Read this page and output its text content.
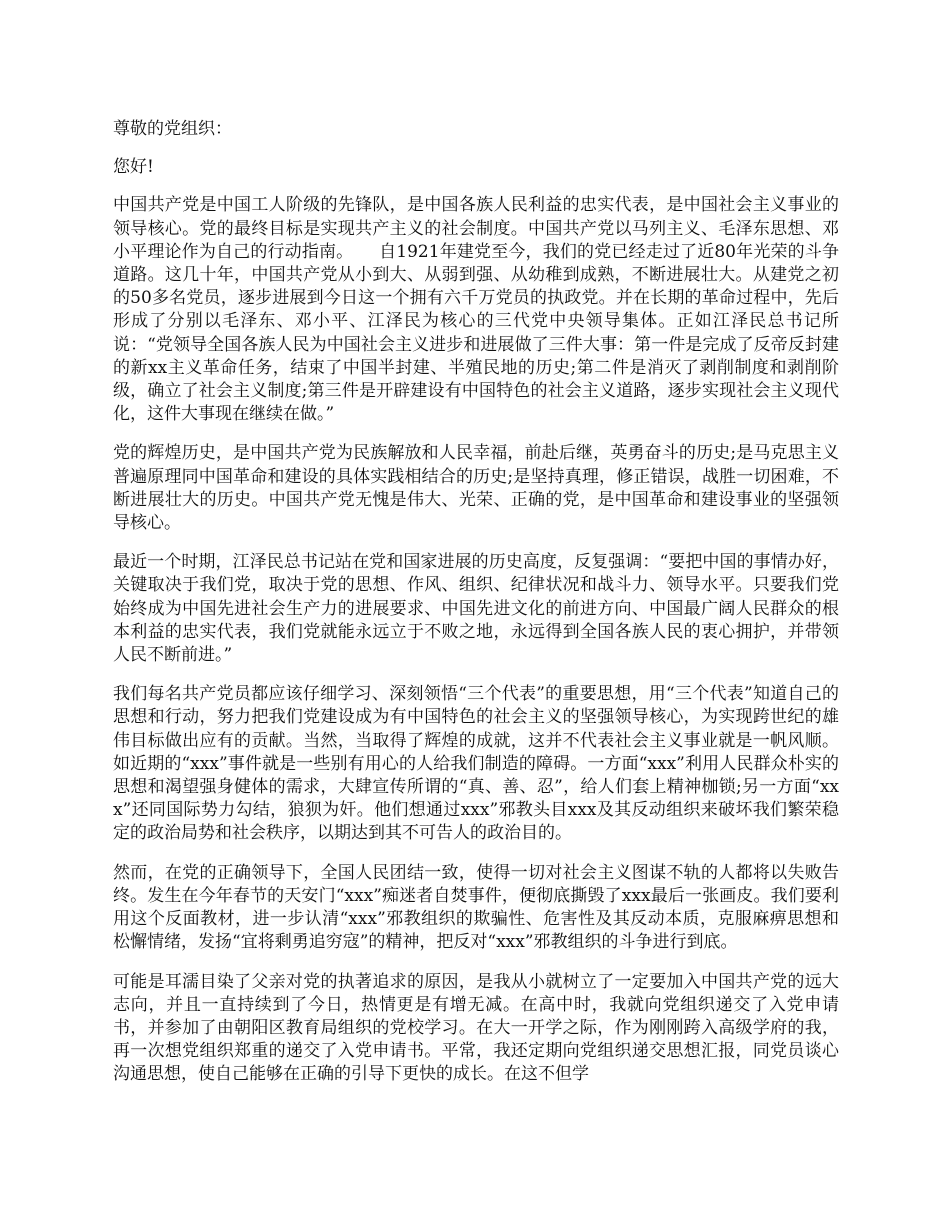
尊敬的党组织：

您好!

中国共产党是中国工人阶级的先锋队，是中国各族人民利益的忠实代表，是中国社会主义事业的领导核心。党的最终目标是实现共产主义的社会制度。中国共产党以马列主义、毛泽东思想、邓小平理论作为自己的行动指南。　　自1921年建党至今，我们的党已经走过了近80年光荣的斗争道路。这几十年，中国共产党从小到大、从弱到强、从幼稚到成熟，不断进展壮大。从建党之初的50多名党员，逐步进展到今日这一个拥有六千万党员的执政党。并在长期的革命过程中，先后形成了分别以毛泽东、邓小平、江泽民为核心的三代党中央领导集体。正如江泽民总书记所说：“党领导全国各族人民为中国社会主义进步和进展做了三件大事：第一件是完成了反帝反封建的新xx主义革命任务，结束了中国半封建、半殖民地的历史;第二件是消灭了剥削制度和剥削阶级，确立了社会主义制度;第三件是开辟建设有中国特色的社会主义道路，逐步实现社会主义现代化，这件大事现在继续在做。”

党的辉煌历史，是中国共产党为民族解放和人民幸福，前赴后继，英勇奋斗的历史;是马克思主义普遍原理同中国革命和建设的具体实践相结合的历史;是坚持真理，修正错误，战胜一切困难，不断进展壮大的历史。中国共产党无愧是伟大、光荣、正确的党，是中国革命和建设事业的坚强领导核心。

最近一个时期，江泽民总书记站在党和国家进展的历史高度，反复强调：“要把中国的事情办好，关键取决于我们党，取决于党的思想、作风、组织、纪律状况和战斗力、领导水平。只要我们党始终成为中国先进社会生产力的进展要求、中国先进文化的前进方向、中国最广阔人民群众的根本利益的忠实代表，我们党就能永远立于不败之地，永远得到全国各族人民的衷心拥护，并带领人民不断前进。”

我们每名共产党员都应该仔细学习、深刻领悟“三个代表”的重要思想，用“三个代表”知道自己的思想和行动，努力把我们党建设成为有中国特色的社会主义的坚强领导核心，为实现跨世纪的雄伟目标做出应有的贡献。当然，当取得了辉煌的成就，这并不代表社会主义事业就是一帆风顺。如近期的“xxx”事件就是一些别有用心的人给我们制造的障碍。一方面“xxx”利用人民群众朴实的思想和渴望强身健体的需求，大肆宣传所谓的“真、善、忍”，给人们套上精神枷锁;另一方面“xxx”还同国际势力勾结，狼狈为奸。他们想通过xxx”邪教头目xxx及其反动组织来破坏我们繁荣稳定的政治局势和社会秩序，以期达到其不可告人的政治目的。

然而，在党的正确领导下，全国人民团结一致，使得一切对社会主义图谋不轨的人都将以失败告终。发生在今年春节的天安门“xxx”痴迷者自焚事件，便彻底撕毁了xxx最后一张画皮。我们要利用这个反面教材，进一步认清“xxx”邪教组织的欺骗性、危害性及其反动本质，克服麻痹思想和松懈情绪，发扬“宜将剩勇追穷寇”的精神，把反对“xxx”邪教组织的斗争进行到底。

可能是耳濡目染了父亲对党的执著追求的原因，是我从小就树立了一定要加入中国共产党的远大志向，并且一直持续到了今日，热情更是有增无减。在高中时，我就向党组织递交了入党申请书，并参加了由朝阳区教育局组织的党校学习。在大一开学之际，作为刚刚跨入高级学府的我，再一次想党组织郑重的递交了入党申请书。平常，我还定期向党组织递交思想汇报，同党员谈心沟通思想，使自己能够在正确的引导下更快的成长。在这不但学
